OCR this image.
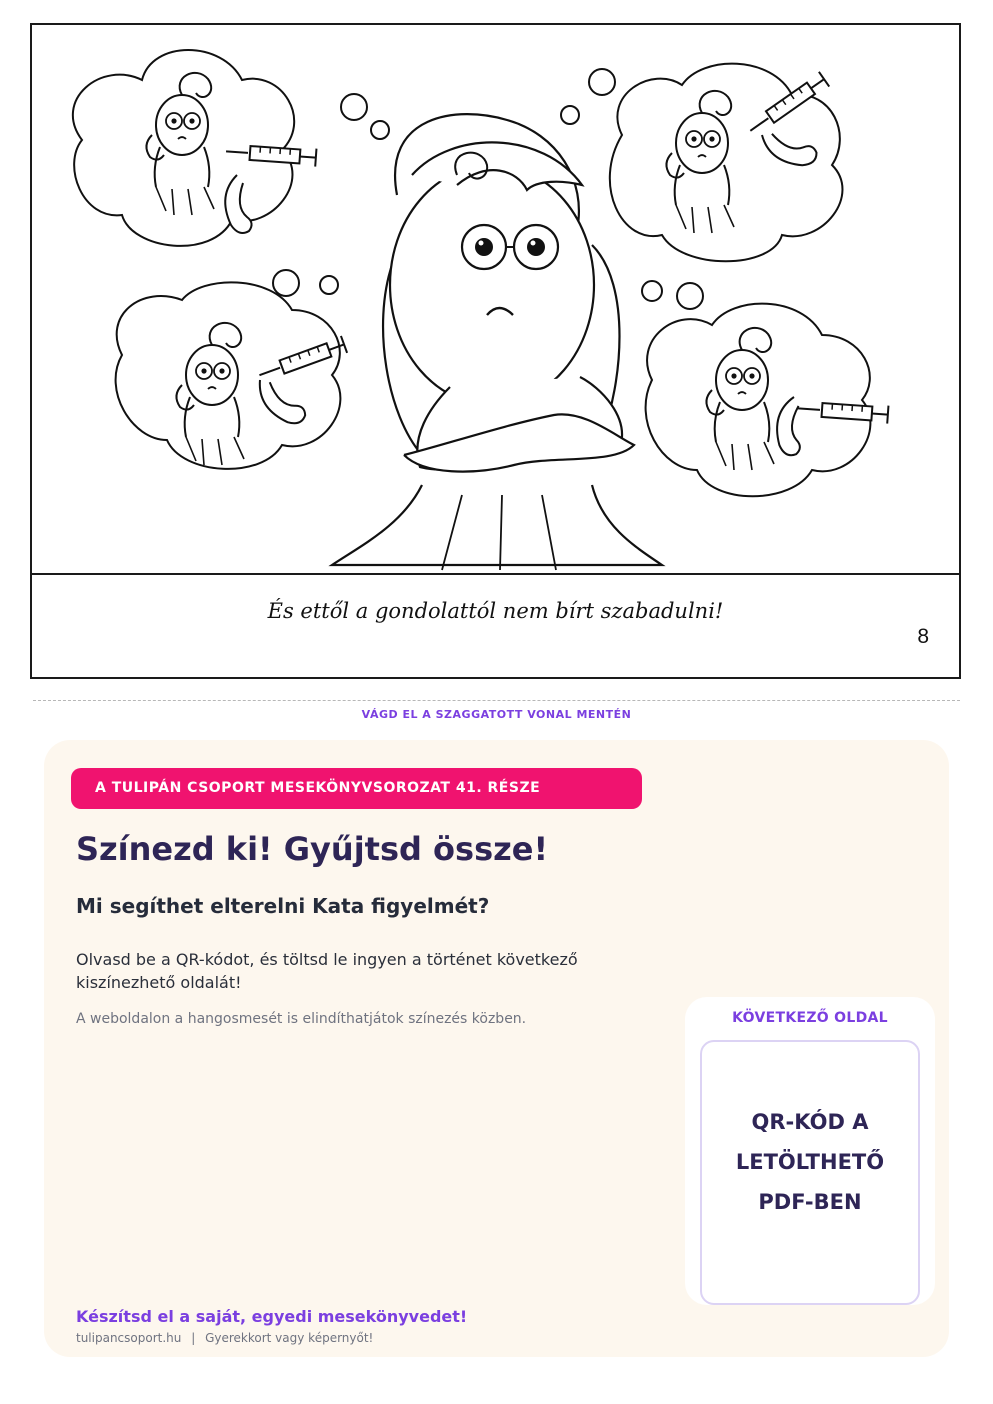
És ettől a gondolattól nem bírt szabadulni!
8
VÁGD EL A SZAGGATOTT VONAL MENTÉN
A TULIPÁN CSOPORT MESEKÖNYVSOROZAT 41. RÉSZE
Színezd ki! Gyűjtsd össze!
Mi segíthet elterelni Kata figyelmét?
Olvasd be a QR-kódot, és töltsd le ingyen a történet következő kiszínezhető oldalát!
A weboldalon a hangosmesét is elindíthatjátok színezés közben.	KÖVETKEZŐ OLDAL
QR-KÓD A
LETÖLTHETŐ
PDF-BEN
Készítsd el a saját, egyedi mesekönyvedet!
tulipancsoport.hu | Gyerekkort vagy képernyőt!
